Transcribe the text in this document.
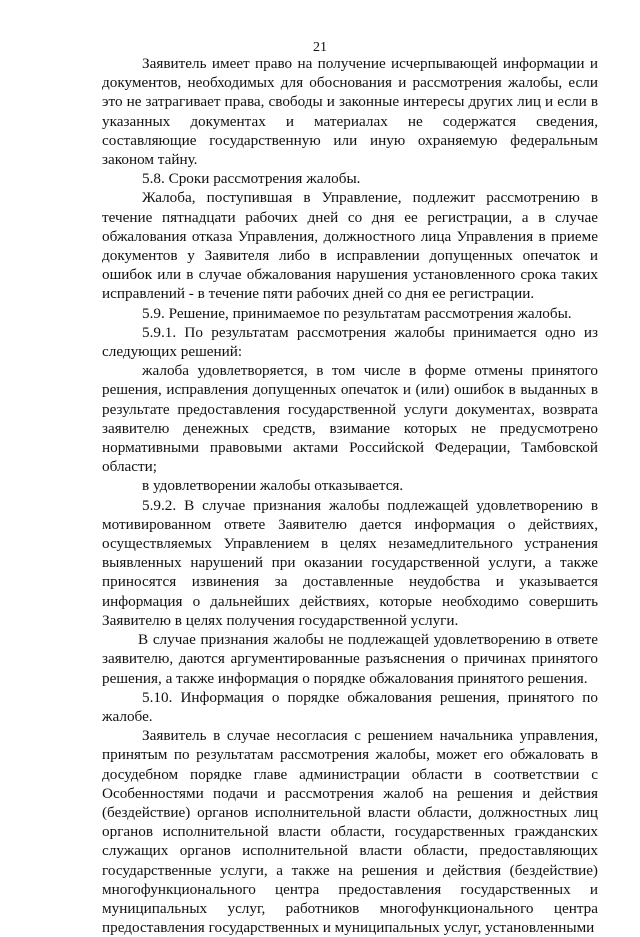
21

Заявитель имеет право на получение исчерпывающей информации и документов, необходимых для обоснования и рассмотрения жалобы, если это не затрагивает права, свободы и законные интересы других лиц и если в указанных документах и материалах не содержатся сведения, составляющие государственную или иную охраняемую федеральным законом тайну.

5.8. Сроки рассмотрения жалобы.

Жалоба, поступившая в Управление, подлежит рассмотрению в течение пятнадцати рабочих дней со дня ее регистрации, а в случае обжалования отказа Управления, должностного лица Управления в приеме документов у Заявителя либо в исправлении допущенных опечаток и ошибок или в случае обжалования нарушения установленного срока таких исправлений - в течение пяти рабочих дней со дня ее регистрации.

5.9. Решение, принимаемое по результатам рассмотрения жалобы.

5.9.1. По результатам рассмотрения жалобы принимается одно из следующих решений:

жалоба удовлетворяется, в том числе в форме отмены принятого решения, исправления допущенных опечаток и (или) ошибок в выданных в результате предоставления государственной услуги документах, возврата заявителю денежных средств, взимание которых не предусмотрено нормативными правовыми актами Российской Федерации, Тамбовской области;

в удовлетворении жалобы отказывается.

5.9.2. В случае признания жалобы подлежащей удовлетворению в мотивированном ответе Заявителю дается информация о действиях, осуществляемых Управлением в целях незамедлительного устранения выявленных нарушений при оказании государственной услуги, а также приносятся извинения за доставленные неудобства и указывается информация о дальнейших действиях, которые необходимо совершить Заявителю в целях получения государственной услуги.

В случае признания жалобы не подлежащей удовлетворению в ответе заявителю, даются аргументированные разъяснения о причинах принятого решения, а также информация о порядке обжалования принятого решения.

5.10. Информация о порядке обжалования решения, принятого по жалобе.

Заявитель в случае несогласия с решением начальника управления, принятым по результатам рассмотрения жалобы, может его обжаловать в досудебном порядке главе администрации области в соответствии с Особенностями подачи и рассмотрения жалоб на решения и действия (бездействие) органов исполнительной власти области, должностных лиц органов исполнительной власти области, государственных гражданских служащих органов исполнительной власти области, предоставляющих государственные услуги, а также на решения и действия (бездействие) многофункционального центра предоставления государственных и муниципальных услуг, работников многофункционального центра предоставления государственных и муниципальных услуг, установленными
